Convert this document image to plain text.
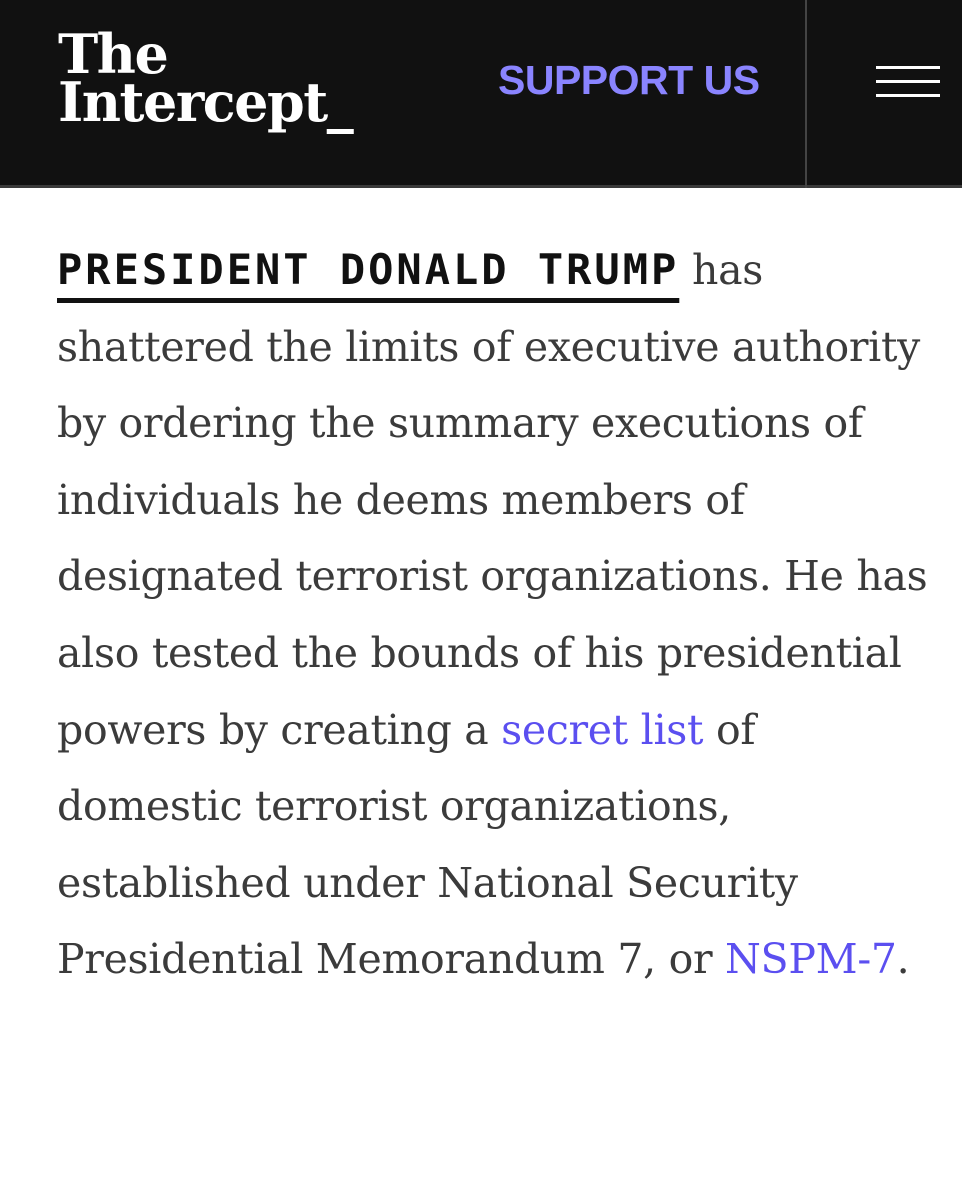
The
Intercept_	SUPPORT US

PRESIDENT DONALD TRUMP has shattered the limits of executive authority by ordering the summary executions of individuals he deems members of designated terrorist organizations. He has also tested the bounds of his presidential powers by creating a secret list of domestic terrorist organizations, established under National Security Presidential Memorandum 7, or NSPM-7.
